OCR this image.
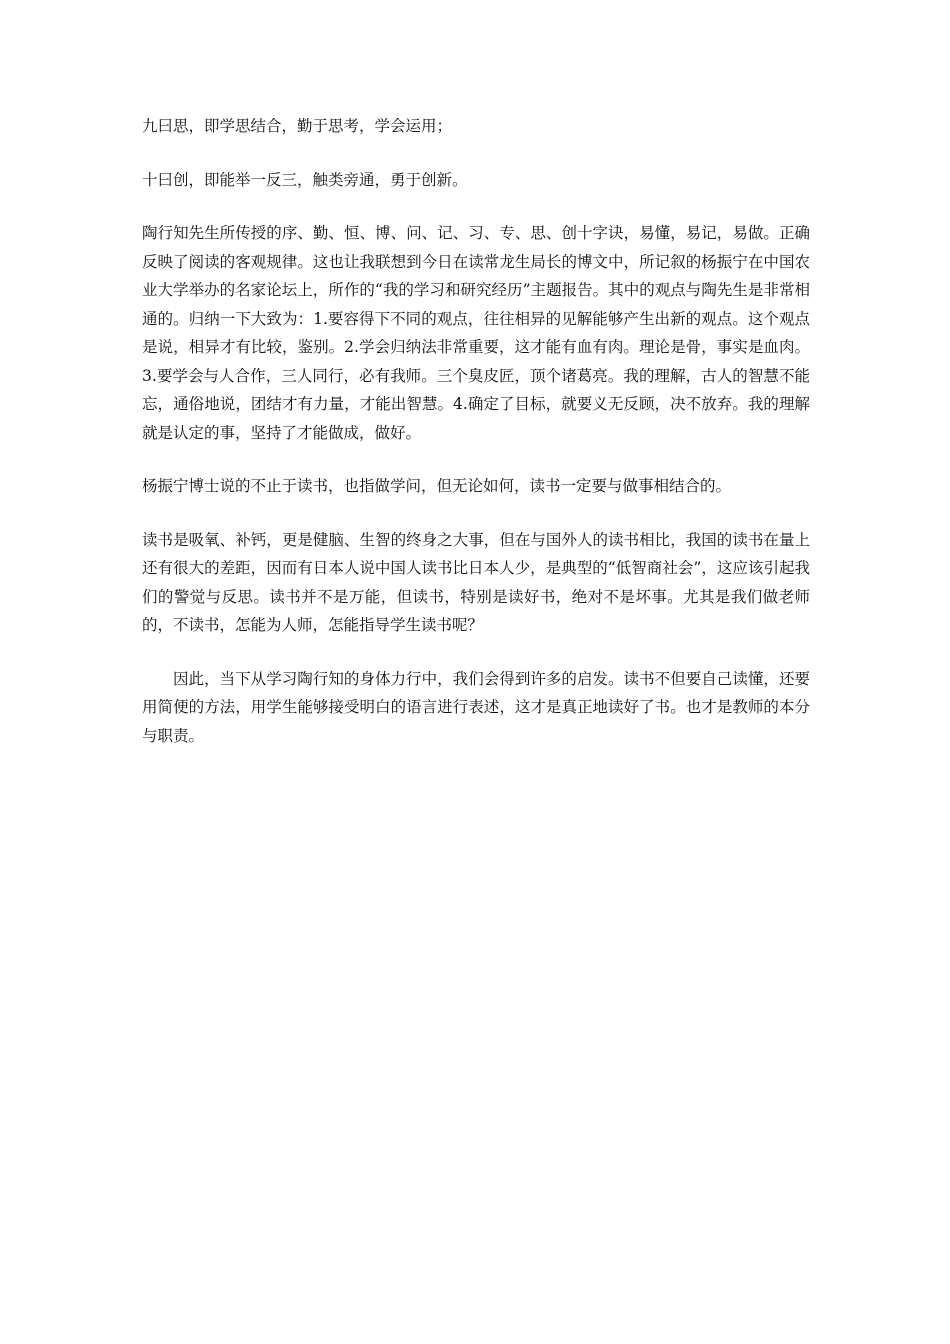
九曰思，即学思结合，勤于思考，学会运用；

十曰创，即能举一反三，触类旁通，勇于创新。

陶行知先生所传授的序、勤、恒、博、问、记、习、专、思、创十字诀，易懂，易记，易做。正确反映了阅读的客观规律。这也让我联想到今日在读常龙生局长的博文中，所记叙的杨振宁在中国农业大学举办的名家论坛上，所作的“我的学习和研究经历”主题报告。其中的观点与陶先生是非常相通的。归纳一下大致为：1.要容得下不同的观点，往往相异的见解能够产生出新的观点。这个观点是说，相异才有比较，鉴别。2.学会归纳法非常重要，这才能有血有肉。理论是骨，事实是血肉。3.要学会与人合作，三人同行，必有我师。三个臭皮匠，顶个诸葛亮。我的理解，古人的智慧不能忘，通俗地说，团结才有力量，才能出智慧。4.确定了目标，就要义无反顾，决不放弃。我的理解就是认定的事，坚持了才能做成，做好。

杨振宁博士说的不止于读书，也指做学问，但无论如何，读书一定要与做事相结合的。

读书是吸氧、补钙，更是健脑、生智的终身之大事，但在与国外人的读书相比，我国的读书在量上还有很大的差距，因而有日本人说中国人读书比日本人少，是典型的“低智商社会”，这应该引起我们的警觉与反思。读书并不是万能，但读书，特别是读好书，绝对不是坏事。尤其是我们做老师的，不读书，怎能为人师，怎能指导学生读书呢？

因此，当下从学习陶行知的身体力行中，我们会得到许多的启发。读书不但要自己读懂，还要用简便的方法，用学生能够接受明白的语言进行表述，这才是真正地读好了书。也才是教师的本分与职责。
